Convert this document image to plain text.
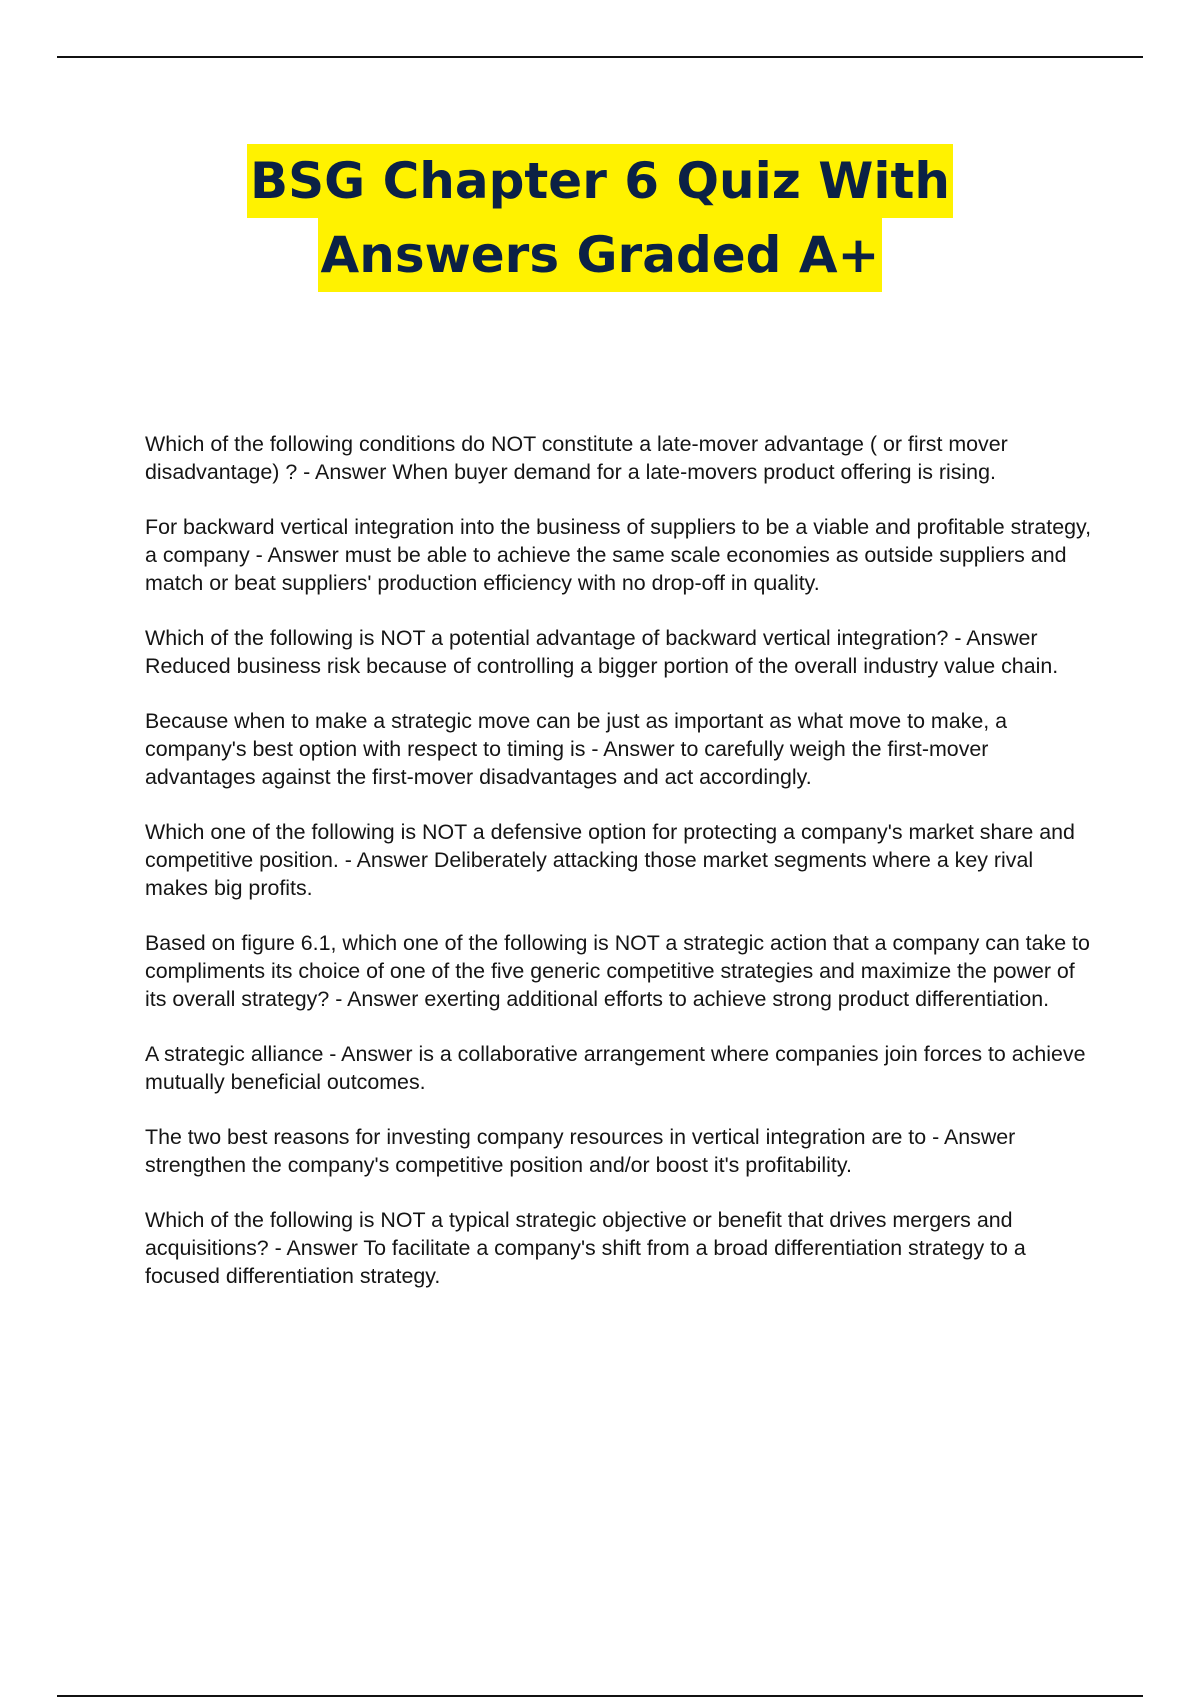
BSG Chapter 6 Quiz With
Answers Graded A+

Which of the following conditions do NOT constitute a late-mover advantage ( or first mover disadvantage) ? - Answer When buyer demand for a late-movers product offering is rising.

For backward vertical integration into the business of suppliers to be a viable and profitable strategy, a company - Answer must be able to achieve the same scale economies as outside suppliers and match or beat suppliers' production efficiency with no drop-off in quality.

Which of the following is NOT a potential advantage of backward vertical integration? - Answer Reduced business risk because of controlling a bigger portion of the overall industry value chain.

Because when to make a strategic move can be just as important as what move to make, a company's best option with respect to timing is - Answer to carefully weigh the first-mover advantages against the first-mover disadvantages and act accordingly.

Which one of the following is NOT a defensive option for protecting a company's market share and competitive position. - Answer Deliberately attacking those market segments where a key rival makes big profits.

Based on figure 6.1, which one of the following is NOT a strategic action that a company can take to compliments its choice of one of the five generic competitive strategies and maximize the power of its overall strategy? - Answer exerting additional efforts to achieve strong product differentiation.

A strategic alliance - Answer is a collaborative arrangement where companies join forces to achieve mutually beneficial outcomes.

The two best reasons for investing company resources in vertical integration are to - Answer strengthen the company's competitive position and/or boost it's profitability.

Which of the following is NOT a typical strategic objective or benefit that drives mergers and acquisitions? - Answer To facilitate a company's shift from a broad differentiation strategy to a focused differentiation strategy.
